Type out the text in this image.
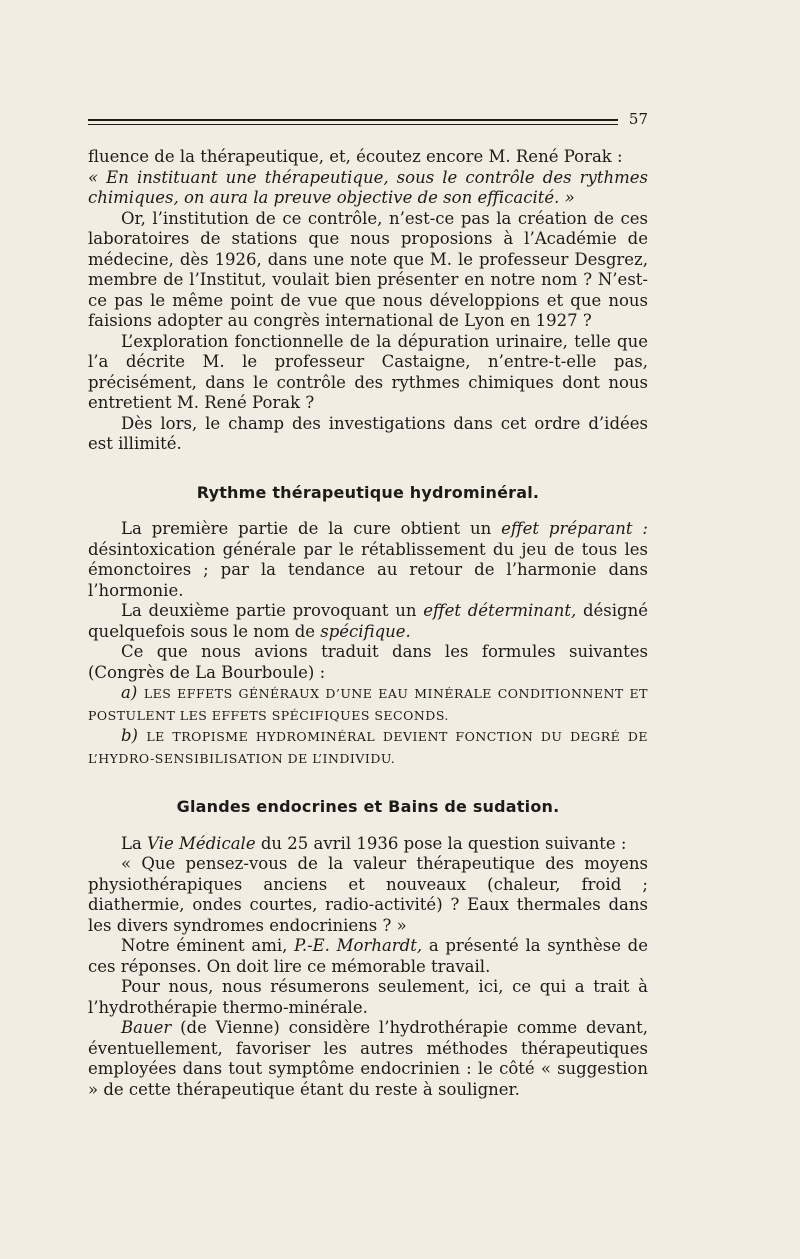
57

fluence de la thérapeutique, et, écoutez encore M. René Porak :

« En instituant une thérapeutique, sous le contrôle des rythmes chimiques, on aura la preuve objective de son efficacité. »

Or, l’institution de ce contrôle, n’est-ce pas la création de ces laboratoires de stations que nous proposions à l’Académie de médecine, dès 1926, dans une note que M. le professeur Desgrez, membre de l’Institut, voulait bien présenter en notre nom ? N’est-ce pas le même point de vue que nous développions et que nous faisions adopter au congrès international de Lyon en 1927 ?

L’exploration fonctionnelle de la dépuration urinaire, telle que l’a décrite M. le professeur Castaigne, n’entre-t-elle pas, précisément, dans le contrôle des rythmes chimiques dont nous entretient M. René Porak ?

Dès lors, le champ des investigations dans cet ordre d’idées est illimité.

Rythme thérapeutique hydrominéral.

La première partie de la cure obtient un effet préparant : désintoxication générale par le rétablissement du jeu de tous les émonctoires ; par la tendance au retour de l’harmonie dans l’hormonie.

La deuxième partie provoquant un effet déterminant, désigné quelquefois sous le nom de spécifique.

Ce que nous avions traduit dans les formules suivantes (Congrès de La Bourboule) :

a) LES EFFETS GÉNÉRAUX D’UNE EAU MINÉRALE CONDITIONNENT ET POSTULENT LES EFFETS SPÉCIFIQUES SECONDS.

b) LE TROPISME HYDROMINÉRAL DEVIENT FONCTION DU DEGRÉ DE L’HYDRO-SENSIBILISATION DE L’INDIVIDU.

Glandes endocrines et Bains de sudation.

La Vie Médicale du 25 avril 1936 pose la question suivante :

« Que pensez-vous de la valeur thérapeutique des moyens physiothérapiques anciens et nouveaux (chaleur, froid ; diathermie, ondes courtes, radio-activité) ? Eaux thermales dans les divers syndromes endocriniens ? »

Notre éminent ami, P.-E. Morhardt, a présenté la synthèse de ces réponses. On doit lire ce mémorable travail.

Pour nous, nous résumerons seulement, ici, ce qui a trait à l’hydrothérapie thermo-minérale.

Bauer (de Vienne) considère l’hydrothérapie comme devant, éventuellement, favoriser les autres méthodes thérapeutiques employées dans tout symptôme endocrinien : le côté « suggestion » de cette thérapeutique étant du reste à souligner.
